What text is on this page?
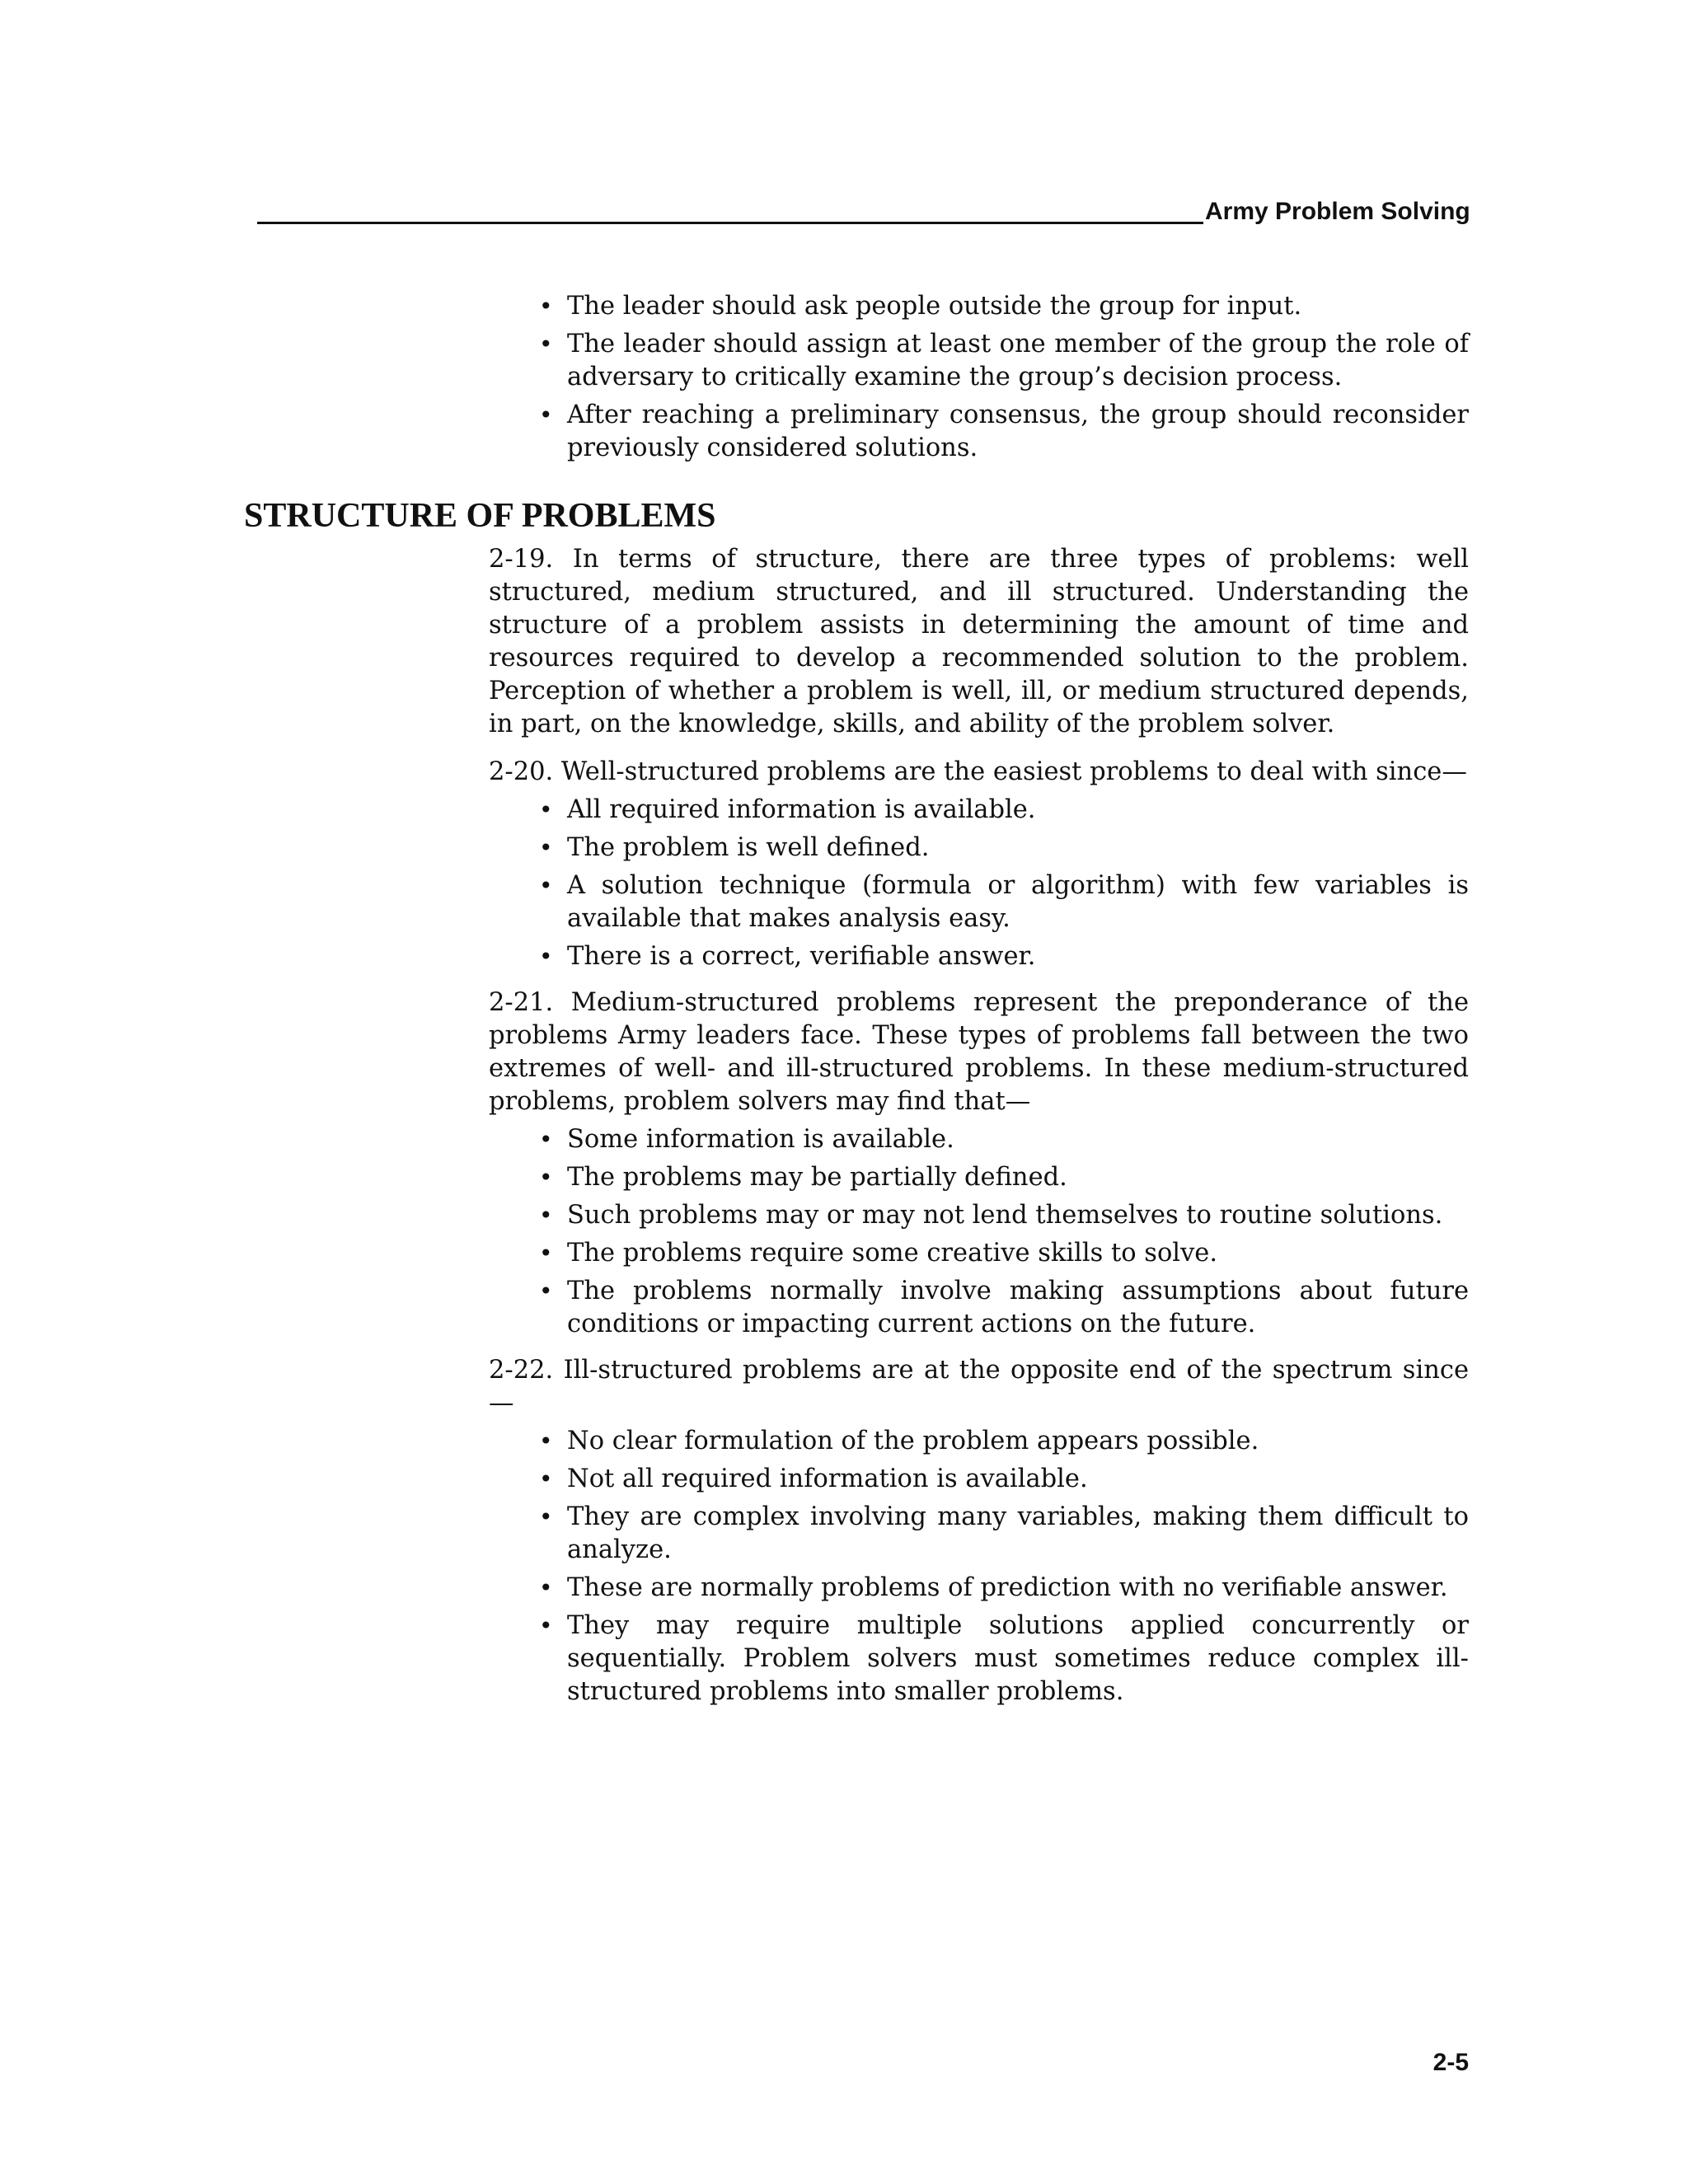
Army Problem Solving
• The leader should ask people outside the group for input.
• The leader should assign at least one member of the group the role of adversary to critically examine the group’s decision process.
• After reaching a preliminary consensus, the group should reconsider previously considered solutions.
STRUCTURE OF PROBLEMS

2-19. In terms of structure, there are three types of problems: well structured, medium structured, and ill structured. Understanding the structure of a problem assists in determining the amount of time and resources required to develop a recommended solution to the problem. Perception of whether a problem is well, ill, or medium structured depends, in part, on the knowledge, skills, and ability of the problem solver.

2-20. Well-structured problems are the easiest problems to deal with since—

• All required information is available.
• The problem is well defined.
• A solution technique (formula or algorithm) with few variables is available that makes analysis easy.
• There is a correct, verifiable answer.

2-21. Medium-structured problems represent the preponderance of the problems Army leaders face. These types of problems fall between the two extremes of well- and ill-structured problems. In these medium-structured problems, problem solvers may find that—

• Some information is available.
• The problems may be partially defined.
• Such problems may or may not lend themselves to routine solutions.
• The problems require some creative skills to solve.
• The problems normally involve making assumptions about future conditions or impacting current actions on the future.

2-22. Ill-structured problems are at the opposite end of the spectrum since—

• No clear formulation of the problem appears possible.
• Not all required information is available.
• They are complex involving many variables, making them difficult to analyze.
• These are normally problems of prediction with no verifiable answer.
• They may require multiple solutions applied concurrently or sequentially. Problem solvers must sometimes reduce complex ill-structured problems into smaller problems.
2-5
